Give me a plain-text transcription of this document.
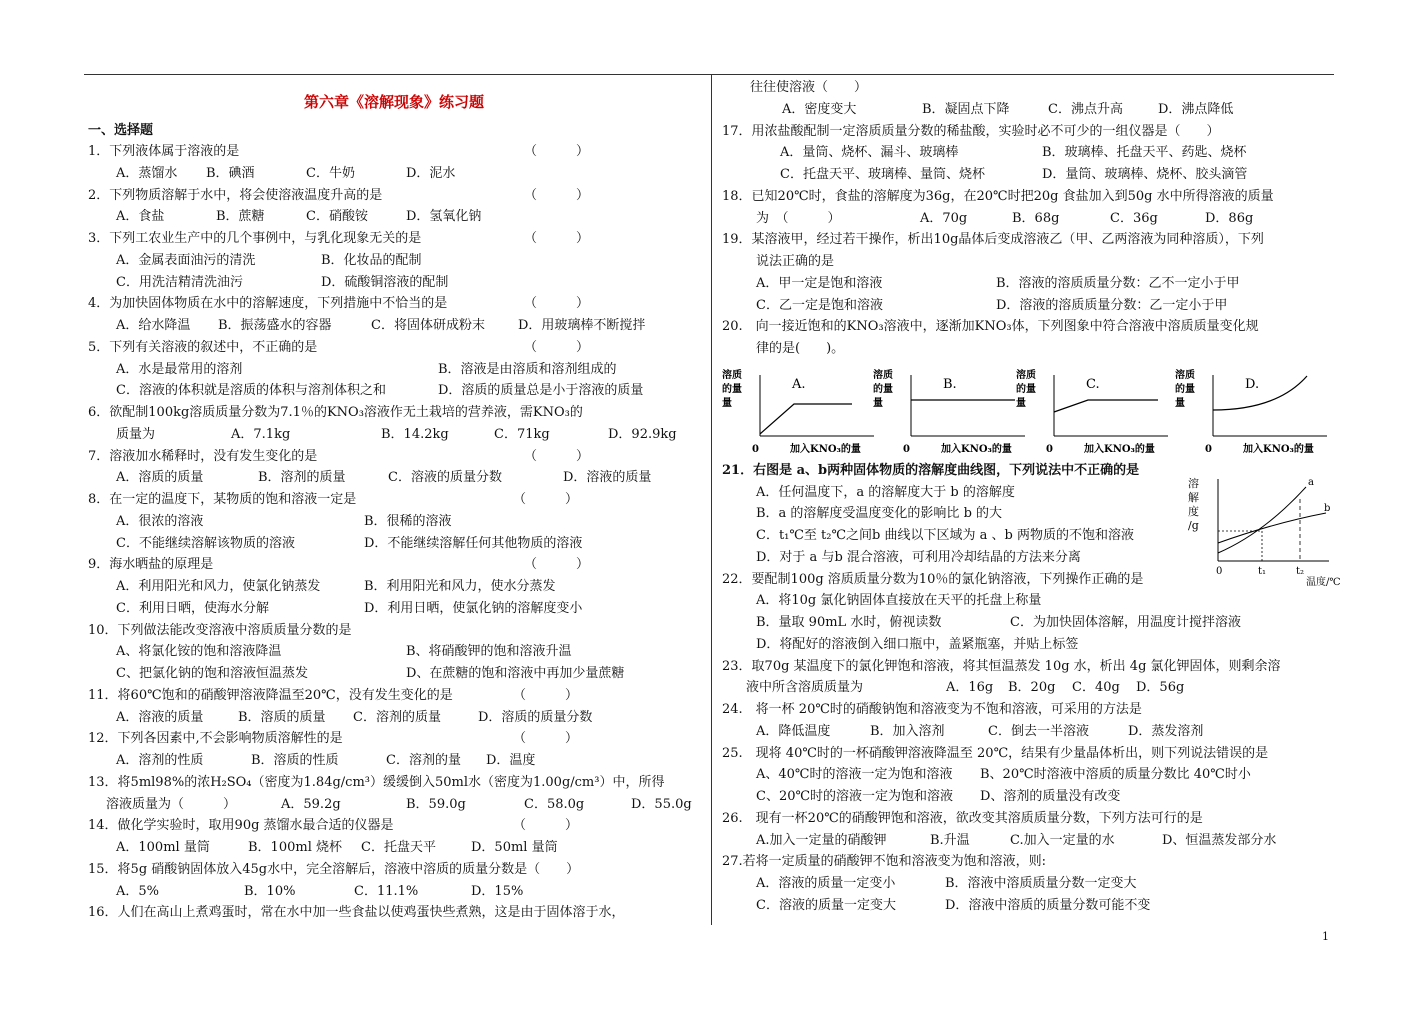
第六章《溶解现象》练习题
一、选择题
1．下列液体属于溶液的是	（　　　）
A．蒸馏水 B．碘酒	C．牛奶	D．泥水
2．下列物质溶解于水中，将会使溶液温度升高的是	（　　　）
A．食盐	B．蔗糖	C．硝酸铵	D．氢氧化钠
3．下列工农业生产中的几个事例中，与乳化现象无关的是	（　　　）
A．金属表面油污的清洗	B．化妆品的配制
C．用洗洁精清洗油污	D．硫酸铜溶液的配制
4．为加快固体物质在水中的溶解速度，下列措施中不恰当的是	（　　　）
A．给水降温 B．振荡盛水的容器	C．将固体研成粉末	D．用玻璃棒不断搅拌
5．下列有关溶液的叙述中，不正确的是	（　　　）
A．水是最常用的溶剂	B．溶液是由溶质和溶剂组成的
C．溶液的体积就是溶质的体积与溶剂体积之和	D．溶质的质量总是小于溶液的质量
6．欲配制100kg溶质质量分数为7.1％的KNO₃溶液作无土栽培的营养液，需KNO₃的
质量为	A．7.1kg	B．14.2kg	C．71kg	D．92.9kg
7．溶液加水稀释时，没有发生变化的是	（　　　）
A．溶质的质量	B．溶剂的质量	C．溶液的质量分数	D．溶液的质量
8．在一定的温度下，某物质的饱和溶液一定是	（　　　）
A．很浓的溶液	B．很稀的溶液
C．不能继续溶解该物质的溶液	D．不能继续溶解任何其他物质的溶液
9．海水晒盐的原理是	（　　　）
A．利用阳光和风力，使氯化钠蒸发	B．利用阳光和风力，使水分蒸发
C．利用日晒，使海水分解	D．利用日晒，使氯化钠的溶解度变小
10．下列做法能改变溶液中溶质质量分数的是
A、将氯化铵的饱和溶液降温	B、将硝酸钾的饱和溶液升温
C、把氯化钠的饱和溶液恒温蒸发	D、在蔗糖的饱和溶液中再加少量蔗糖
11．将60℃饱和的硝酸钾溶液降温至20℃，没有发生变化的是	（　　　）
A．溶液的质量	B．溶质的质量 C．溶剂的质量	D．溶质的质量分数
12．下列各因素中,不会影响物质溶解性的是	（　　　）
A．溶剂的性质	B．溶质的性质	C．溶剂的量 D．温度
13．将5ml98%的浓H₂SO₄（密度为1.84g/cm³）缓缓倒入50ml水（密度为1.00g/cm³）中，所得
溶液质量为（　　　）	A．59.2g	B．59.0g	C．58.0g	D．55.0g
14．做化学实验时，取用90g 蒸馏水最合适的仪器是	（　　　）
A．100ml 量筒	B．100ml 烧杯 C．托盘天平	D．50ml 量筒
15．将5g 硝酸钠固体放入45g水中，完全溶解后，溶液中溶质的质量分数是（　　）
A．5%	B．10%	C．11.1%	D．15%
16．人们在高山上煮鸡蛋时，常在水中加一些食盐以使鸡蛋快些煮熟，这是由于固体溶于水，
往往使溶液（　　）
A．密度变大	B．凝固点下降	C．沸点升高	D．沸点降低
17．用浓盐酸配制一定溶质质量分数的稀盐酸，实验时必不可少的一组仪器是（　　）
A．量筒、烧杯、漏斗、玻璃棒	B．玻璃棒、托盘天平、药匙、烧杯
C．托盘天平、玻璃棒、量筒、烧杯	D．量筒、玻璃棒、烧杯、胶头滴管
18．已知20℃时，食盐的溶解度为36g，在20℃时把20g 食盐加入到50g 水中所得溶液的质量
为　（　　　）	A．70g	B．68g	C．36g	D．86g
19．某溶液甲，经过若干操作，析出10g晶体后变成溶液乙（甲、乙两溶液为同种溶质），下列
说法正确的是
A．甲一定是饱和溶液	B．溶液的溶质质量分数：乙不一定小于甲
C．乙一定是饱和溶液	D．溶液的溶质质量分数：乙一定小于甲
20.　向一接近饱和的KNO₃溶液中，逐渐加KNO₃体，下列图象中符合溶液中溶质质量变化规
律的是(　　)。
A.
溶质
的量
量
0	加入KNO₃的量
B.
溶质
的量
量
0	加入KNO₃的量
C.
溶质
的量
量
0	加入KNO₃的量
D.
溶质
的量
量
0	加入KNO₃的量
21．右图是 a、b两种固体物质的溶解度曲线图，下列说法中不正确的是
A．任何温度下，a 的溶解度大于 b 的溶解度
B．a 的溶解度受温度变化的影响比 b 的大
C．t₁℃至 t₂℃之间b 曲线以下区域为 a 、b 两物质的不饱和溶液
D．对于 a 与b 混合溶液，可利用冷却结晶的方法来分离
22．要配制100g 溶质质量分数为10％的氯化钠溶液，下列操作正确的是
A．将10g 氯化钠固体直接放在天平的托盘上称量
B．量取 90mL 水时，俯视读数	C．为加快固体溶解，用温度计搅拌溶液
D．将配好的溶液倒入细口瓶中，盖紧瓶塞，并贴上标签
23．取70g 某温度下的氯化钾饱和溶液，将其恒温蒸发 10g 水，析出 4g 氯化钾固体，则剩余溶
液中所含溶质质量为	A．16g B．20g C．40g D．56g
24.　将一杯 20℃时的硝酸钠饱和溶液变为不饱和溶液，可采用的方法是
A．降低温度	B．加入溶剂	C．倒去一半溶液	D．蒸发溶剂
25.　现将 40℃时的一杯硝酸钾溶液降温至 20℃，结果有少量晶体析出，则下列说法错误的是
A、40℃时的溶液一定为饱和溶液 B、20℃时溶液中溶质的质量分数比 40℃时小
C、20℃时的溶液一定为饱和溶液 D、溶剂的质量没有改变
26.　现有一杯20℃的硝酸钾饱和溶液，欲改变其溶质质量分数，下列方法可行的是
A.加入一定量的硝酸钾	B.升温	C.加入一定量的水	D、恒温蒸发部分水
27.若将一定质量的硝酸钾不饱和溶液变为饱和溶液，则:
A．溶液的质量一定变小	B．溶液中溶质质量分数一定变大
C．溶液的质量一定变大	D．溶液中溶质的质量分数可能不变
溶
解
度
/g
0	t₁	t₂
温度/℃
a
b
1
